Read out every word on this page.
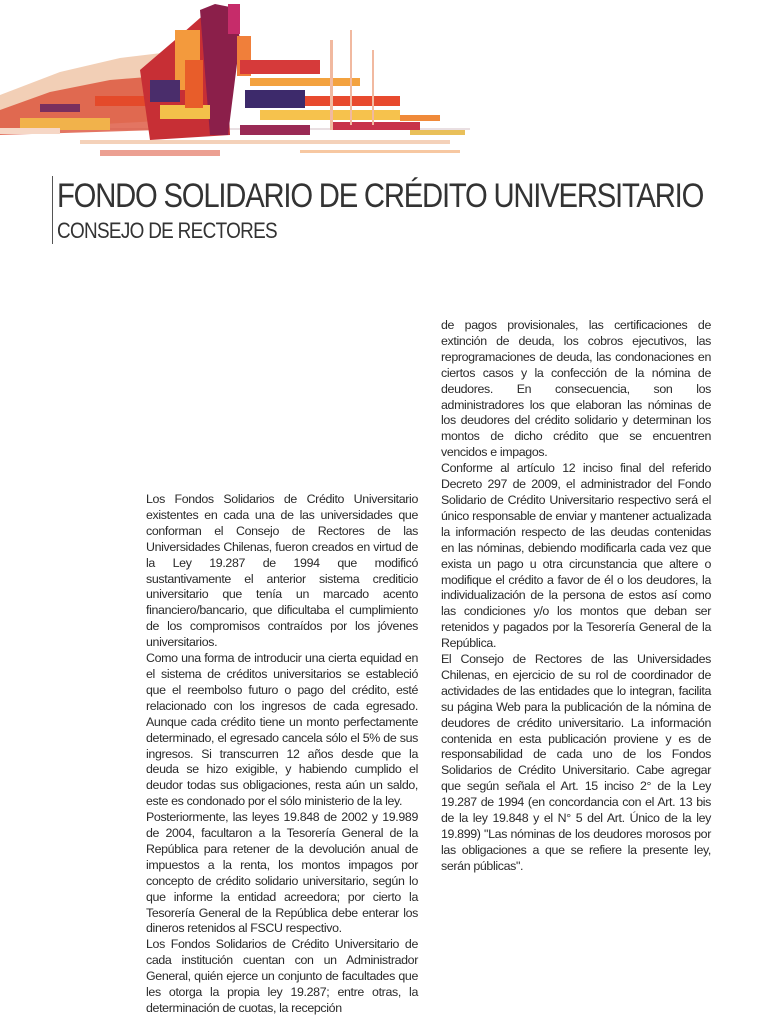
FONDO SOLIDARIO DE CRÉDITO UNIVERSITARIO
CONSEJO DE RECTORES

Los Fondos Solidarios de Crédito Universitario existentes en cada una de las universidades que conforman el Consejo de Rectores de las Universidades Chilenas, fueron creados en virtud de la Ley 19.287 de 1994 que modificó sustantivamente el anterior sistema crediticio universitario que tenía un marcado acento financiero/bancario, que dificultaba el cumplimiento de los compromisos contraídos por los jóvenes universitarios.

Como una forma de introducir una cierta equidad en el sistema de créditos universitarios se estableció que el reembolso futuro o pago del crédito, esté relacionado con los ingresos de cada egresado. Aunque cada crédito tiene un monto perfectamente determinado, el egresado cancela sólo el 5% de sus ingresos. Si transcurren 12 años desde que la deuda se hizo exigible, y habiendo cumplido el deudor todas sus obligaciones, resta aún un saldo, este es condonado por el sólo ministerio de la ley.

Posteriormente, las leyes 19.848 de 2002 y 19.989 de 2004, facultaron a la Tesorería General de la República para retener de la devolución anual de impuestos a la renta, los montos impagos por concepto de crédito solidario universitario, según lo que informe la entidad acreedora; por cierto la Tesorería General de la República debe enterar los dineros retenidos al FSCU respectivo.

Los Fondos Solidarios de Crédito Universitario de cada institución cuentan con un Administrador General, quién ejerce un conjunto de facultades que les otorga la propia ley 19.287; entre otras, la determinación de cuotas, la recepción

de pagos provisionales, las certificaciones de extinción de deuda, los cobros ejecutivos, las reprogramaciones de deuda, las condonaciones en ciertos casos y la confección de la nómina de deudores. En consecuencia, son los administradores los que elaboran las nóminas de los deudores del crédito solidario y determinan los montos de dicho crédito que se encuentren vencidos e impagos.

Conforme al artículo 12 inciso final del referido Decreto 297 de 2009, el administrador del Fondo Solidario de Crédito Universitario respectivo será el único responsable de enviar y mantener actualizada la información respecto de las deudas contenidas en las nóminas, debiendo modificarla cada vez que exista un pago u otra circunstancia que altere o modifique el crédito a favor de él o los deudores, la individualización de la persona de estos así como las condiciones y/o los montos que deban ser retenidos y pagados por la Tesorería General de la República.

El Consejo de Rectores de las Universidades Chilenas, en ejercicio de su rol de coordinador de actividades de las entidades que lo integran, facilita su página Web para la publicación de la nómina de deudores de crédito universitario. La información contenida en esta publicación proviene y es de responsabilidad de cada uno de los Fondos Solidarios de Crédito Universitario. Cabe agregar que según señala el Art. 15 inciso 2° de la Ley 19.287 de 1994 (en concordancia con el Art. 13 bis de la ley 19.848 y el N° 5 del Art. Único de la ley 19.899) "Las nóminas de los deudores morosos por las obligaciones a que se refiere la presente ley, serán públicas".
